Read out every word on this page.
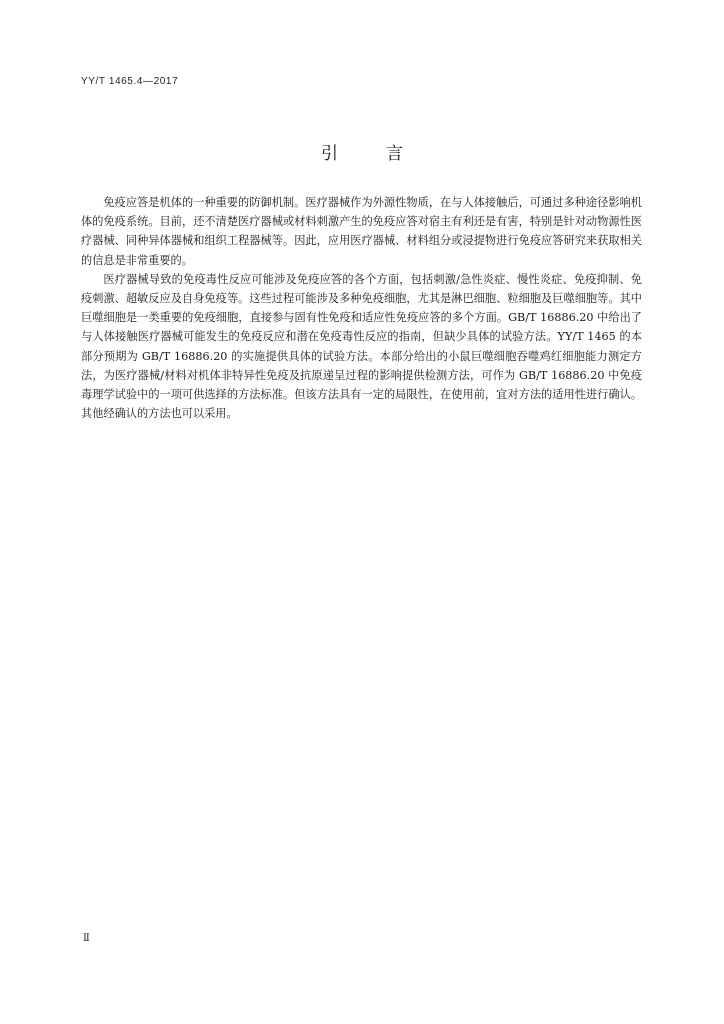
YY/T 1465.4—2017
引言

免疫应答是机体的一种重要的防御机制。医疗器械作为外源性物质，在与人体接触后，可通过多种途径影响机体的免疫系统。目前，还不清楚医疗器械或材料刺激产生的免疫应答对宿主有利还是有害，特别是针对动物源性医疗器械、同种异体器械和组织工程器械等。因此，应用医疗器械、材料组分或浸提物进行免疫应答研究来获取相关的信息是非常重要的。

医疗器械导致的免疫毒性反应可能涉及免疫应答的各个方面，包括刺激/急性炎症、慢性炎症、免疫抑制、免疫刺激、超敏反应及自身免疫等。这些过程可能涉及多种免疫细胞，尤其是淋巴细胞、粒细胞及巨噬细胞等。其中巨噬细胞是一类重要的免疫细胞，直接参与固有性免疫和适应性免疫应答的多个方面。GB/T 16886.20 中给出了与人体接触医疗器械可能发生的免疫反应和潜在免疫毒性反应的指南，但缺少具体的试验方法。YY/T 1465 的本部分预期为 GB/T 16886.20 的实施提供具体的试验方法。本部分给出的小鼠巨噬细胞吞噬鸡红细胞能力测定方法，为医疗器械/材料对机体非特异性免疫及抗原递呈过程的影响提供检测方法，可作为 GB/T 16886.20 中免疫毒理学试验中的一项可供选择的方法标准。但该方法具有一定的局限性，在使用前，宜对方法的适用性进行确认。其他经确认的方法也可以采用。

Ⅱ
